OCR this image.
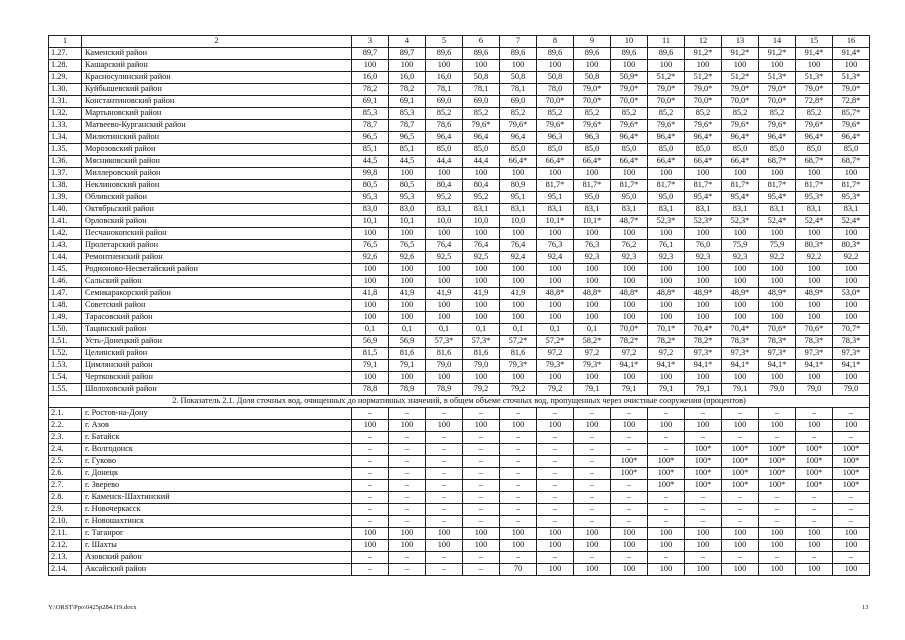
1	2	3	4	5	6	7	8	9	10	11	12	13	14	15	16
1.27.	Каменский район	89,7	89,7	89,6	89,6	89,6	89,6	89,6	89,6	89,6	91,2*	91,2*	91,2*	91,4*	91,4*
1.28.	Кашарский район	100	100	100	100	100	100	100	100	100	100	100	100	100	100
1.29.	Красносулинский район	16,0	16,0	16,0	50,8	50,8	50,8	50,8	50,9*	51,2*	51,2*	51,2*	51,3*	51,3*	51,3*
1.30.	Куйбышевский район	78,2	78,2	78,1	78,1	78,1	78,0	79,0*	79,0*	79,0*	79,0*	79,0*	79,0*	79,0*	79,0*
1.31.	Константиновский район	69,1	69,1	69,0	69,0	69,0	70,0*	70,0*	70,0*	70,0*	70,0*	70,0*	70,0*	72,8*	72,8*
1.32.	Мартыновский район	85,3	85,3	85,2	85,2	85,2	85,2	85,2	85,2	85,2	85,2	85,2	85,2	85,2	85,7*
1.33.	Матвеево-Курганский район	78,7	78,7	78,6	79,6*	79,6*	79,6*	79,6*	79,6*	79,6*	79,6*	79,6*	79,6*	79,6*	79,6*
1.34.	Милютинский район	96,5	96,5	96,4	96,4	96,4	96,3	96,3	96,4*	96,4*	96,4*	96,4*	96,4*	96,4*	96,4*
1.35.	Морозовский район	85,1	85,1	85,0	85,0	85,0	85,0	85,0	85,0	85,0	85,0	85,0	85,0	85,0	85,0
1.36.	Мясниковский район	44,5	44,5	44,4	44,4	66,4*	66,4*	66,4*	66,4*	66,4*	66,4*	66,4*	68,7*	68,7*	68,7*
1.37.	Миллеровский район	99,8	100	100	100	100	100	100	100	100	100	100	100	100	100
1.38.	Неклиновский район	80,5	80,5	80,4	80,4	80,9	81,7*	81,7*	81,7*	81,7*	81,7*	81,7*	81,7*	81,7*	81,7*
1.39.	Обливский район	95,3	95,3	95,2	95,2	95,1	95,1	95,0	95,0	95,0	95,4*	95,4*	95,4*	95,3*	95,3*
1.40.	Октябрьский район	83,0	83,0	83,1	83,1	83,1	83,1	83,1	83,1	83,1	83,1	83,1	83,1	83,1	83,1
1.41.	Орловский район	10,1	10,1	10,0	10,0	10,0	10,1*	10,1*	48,7*	52,3*	52,3*	52,3*	52,4*	52,4*	52,4*
1.42.	Песчанокопский район	100	100	100	100	100	100	100	100	100	100	100	100	100	100
1.43.	Пролетарский район	76,5	76,5	76,4	76,4	76,4	76,3	76,3	76,2	76,1	76,0	75,9	75,9	80,3*	80,3*
1.44.	Ремонтненский район	92,6	92,6	92,5	92,5	92,4	92,4	92,3	92,3	92,3	92,3	92,3	92,2	92,2	92,2
1.45.	Родионово-Несветайский район	100	100	100	100	100	100	100	100	100	100	100	100	100	100
1.46.	Сальский район	100	100	100	100	100	100	100	100	100	100	100	100	100	100
1.47.	Семикаракорский район	41,8	41,9	41,9	41,9	41,9	48,8*	48,8*	48,8*	48,8*	48,9*	48,9*	48,9*	48,9*	53,0*
1.48.	Советский район	100	100	100	100	100	100	100	100	100	100	100	100	100	100
1.49.	Тарасовский район	100	100	100	100	100	100	100	100	100	100	100	100	100	100
1.50.	Тацинский район	0,1	0,1	0,1	0,1	0,1	0,1	0,1	70,0*	70,1*	70,4*	70,4*	70,6*	70,6*	70,7*
1.51.	Усть-Донецкий район	56,9	56,9	57,3*	57,3*	57,2*	57,2*	58,2*	78,2*	78,2*	78,2*	78,3*	78,3*	78,3*	78,3*
1.52.	Целинский район	81,5	81,6	81,6	81,6	81,6	97,2	97,2	97,2	97,2	97,3*	97,3*	97,3*	97,3*	97,3*
1.53.	Цимлянский район	79,1	79,1	79,0	79,0	79,3*	79,3*	79,3*	94,1*	94,1*	94,1*	94,1*	94,1*	94,1*	94,1*
1.54.	Чертковский район	100	100	100	100	100	100	100	100	100	100	100	100	100	100
1.55.	Шолоховский район	78,8	78,9	78,9	79,2	79,2	79,2	79,1	79,1	79,1	79,1	79,1	79,0	79,0	79,0
2. Показатель 2.1. Доля сточных вод, очищенных до нормативных значений, в общем объеме сточных вод, пропущенных через очистные сооружения (процентов)															
2.1.	г. Ростов-на-Дону	–	–	–	–	–	–	–	–	–	–	–	–	–	–
2.2.	г. Азов	100	100	100	100	100	100	100	100	100	100	100	100	100	100
2.3.	г. Батайск	–	–	–	–	–	–	–	–	–	–	–	–	–	–
2.4.	г. Волгодонск	–	–	–	–	–	–	–	–	–	100*	100*	100*	100*	100*
2.5.	г. Гуково	–	–	–	–	–	–	–	100*	100*	100*	100*	100*	100*	100*
2.6.	г. Донецк	–	–	–	–	–	–	–	100*	100*	100*	100*	100*	100*	100*
2.7.	г. Зверево	–	–	–	–	–	–	–	–	100*	100*	100*	100*	100*	100*
2.8.	г. Каменск-Шахтинский	–	–	–	–	–	–	–	–	–	–	–	–	–	–
2.9.	г. Новочеркасск	–	–	–	–	–	–	–	–	–	–	–	–	–	–
2.10.	г. Новошахтинск	–	–	–	–	–	–	–	–	–	–	–	–	–	–
2.11.	г. Таганрог	100	100	100	100	100	100	100	100	100	100	100	100	100	100
2.12.	г. Шахты	100	100	100	100	100	100	100	100	100	100	100	100	100	100
2.13.	Азовский район	–	–	–	–	–	–	–	–	–	–	–	–	–	–
2.14.	Аксайский район	–	–	–	–	70	100	100	100	100	100	100	100	100	100
Y:\ORST\Ppo\0425p284.f19.docx	13
